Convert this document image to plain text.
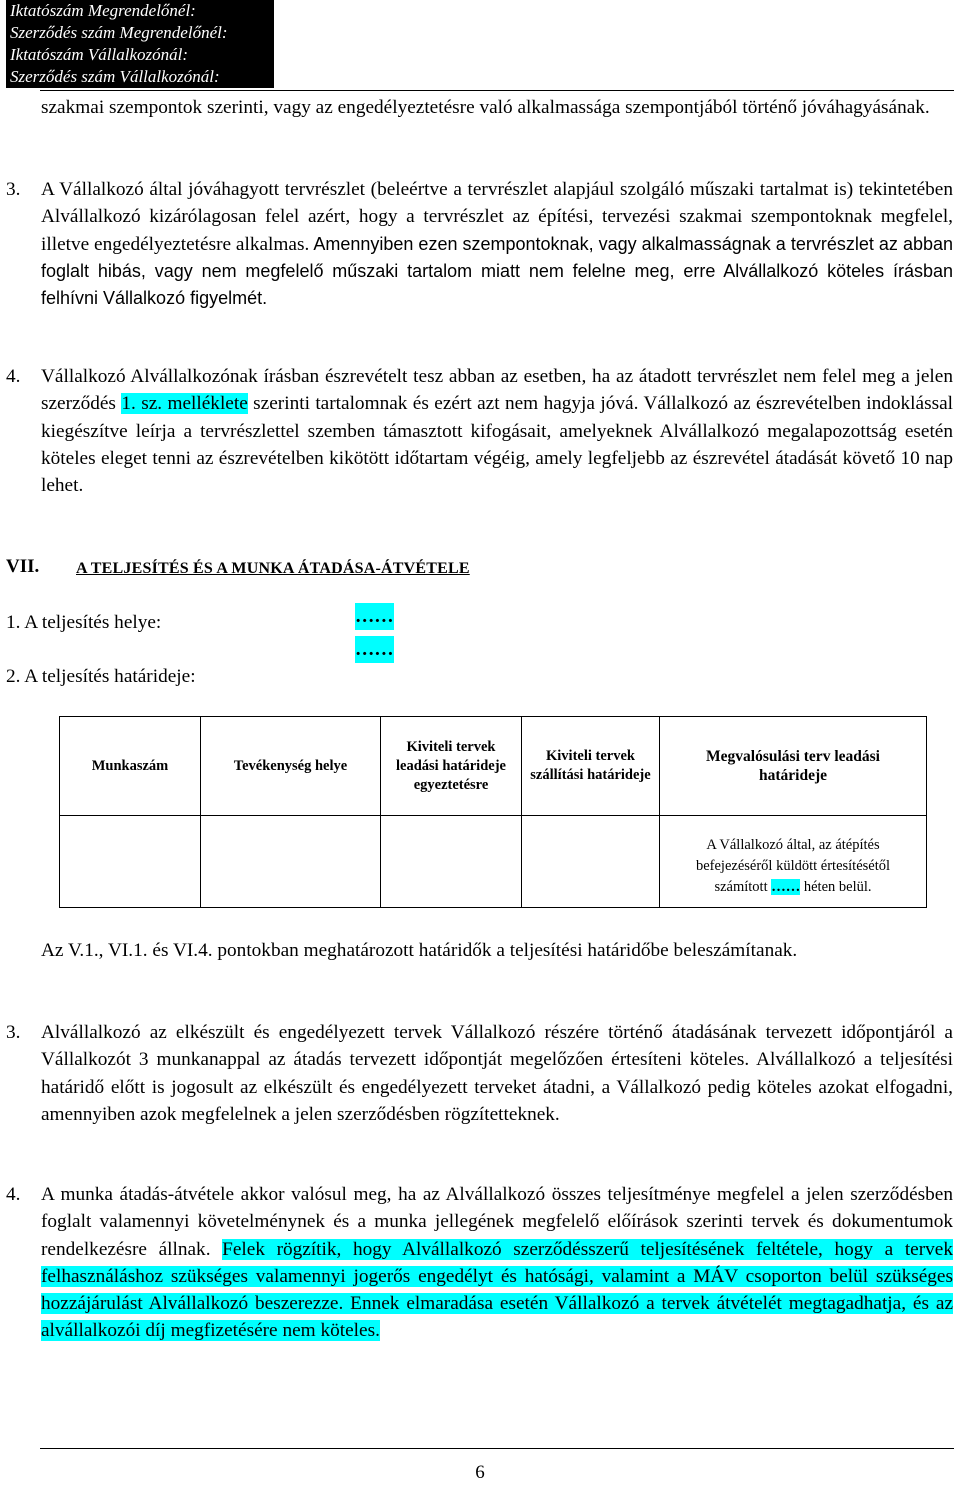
Iktatószám Megrendelőnél:
Szerződés szám Megrendelőnél:
Iktatószám Vállalkozónál:
Szerződés szám Vállalkozónál:
szakmai szempontok szerinti, vagy az engedélyeztetésre való alkalmassága szempontjából történő jóváhagyásának.
3. A Vállalkozó által jóváhagyott tervrészlet (beleértve a tervrészlet alapjául szolgáló műszaki tartalmat is) tekintetében Alvállalkozó kizárólagosan felel azért, hogy a tervrészlet az építési, tervezési szakmai szempontoknak megfelel, illetve engedélyeztetésre alkalmas. Amennyiben ezen szempontoknak, vagy alkalmasságnak a tervrészlet az abban foglalt hibás, vagy nem megfelelő műszaki tartalom miatt nem felelne meg, erre Alvállalkozó köteles írásban felhívni Vállalkozó figyelmét.
4. Vállalkozó Alvállalkozónak írásban észrevételt tesz abban az esetben, ha az átadott tervrészlet nem felel meg a jelen szerződés 1. sz. melléklete szerinti tartalomnak és ezért azt nem hagyja jóvá. Vállalkozó az észrevételben indoklással kiegészítve leírja a tervrészlettel szemben támasztott kifogásait, amelyeknek Alvállalkozó megalapozottság esetén köteles eleget tenni az észrevételben kikötött időtartam végéig, amely legfeljebb az észrevétel átadását követő 10 nap lehet.
VII. A TELJESÍTÉS ÉS A MUNKA ÁTADÁSA-ÁTVÉTELE
1. A teljesítés helye:	……
……
2. A teljesítés határideje:
Munkaszám	Tevékenység helye
Kiviteli tervek leadási határideje egyeztetésre
Kiviteli tervek szállítási határideje
Megvalósulási terv leadási határideje
A Vállalkozó által, az átépítés befejezéséről küldött értesítésétől számított …… héten belül.
Az V.1., VI.1. és VI.4. pontokban meghatározott határidők a teljesítési határidőbe beleszámítanak.
3. Alvállalkozó az elkészült és engedélyezett tervek Vállalkozó részére történő átadásának tervezett időpontjáról a Vállalkozót 3 munkanappal az átadás tervezett időpontját megelőzően értesíteni köteles. Alvállalkozó a teljesítési határidő előtt is jogosult az elkészült és engedélyezett terveket átadni, a Vállalkozó pedig köteles azokat elfogadni, amennyiben azok megfelelnek a jelen szerződésben rögzítetteknek.
4. A munka átadás-átvétele akkor valósul meg, ha az Alvállalkozó összes teljesítménye megfelel a jelen szerződésben foglalt valamennyi követelménynek és a munka jellegének megfelelő előírások szerinti tervek és dokumentumok rendelkezésre állnak. Felek rögzítik, hogy Alvállalkozó szerződésszerű teljesítésének feltétele, hogy a tervek felhasználáshoz szükséges valamennyi jogerős engedélyt és hatósági, valamint a MÁV csoporton belül szükséges hozzájárulást Alvállalkozó beszerezze. Ennek elmaradása esetén Vállalkozó a tervek átvételét megtagadhatja, és az alvállalkozói díj megfizetésére nem köteles.
6
